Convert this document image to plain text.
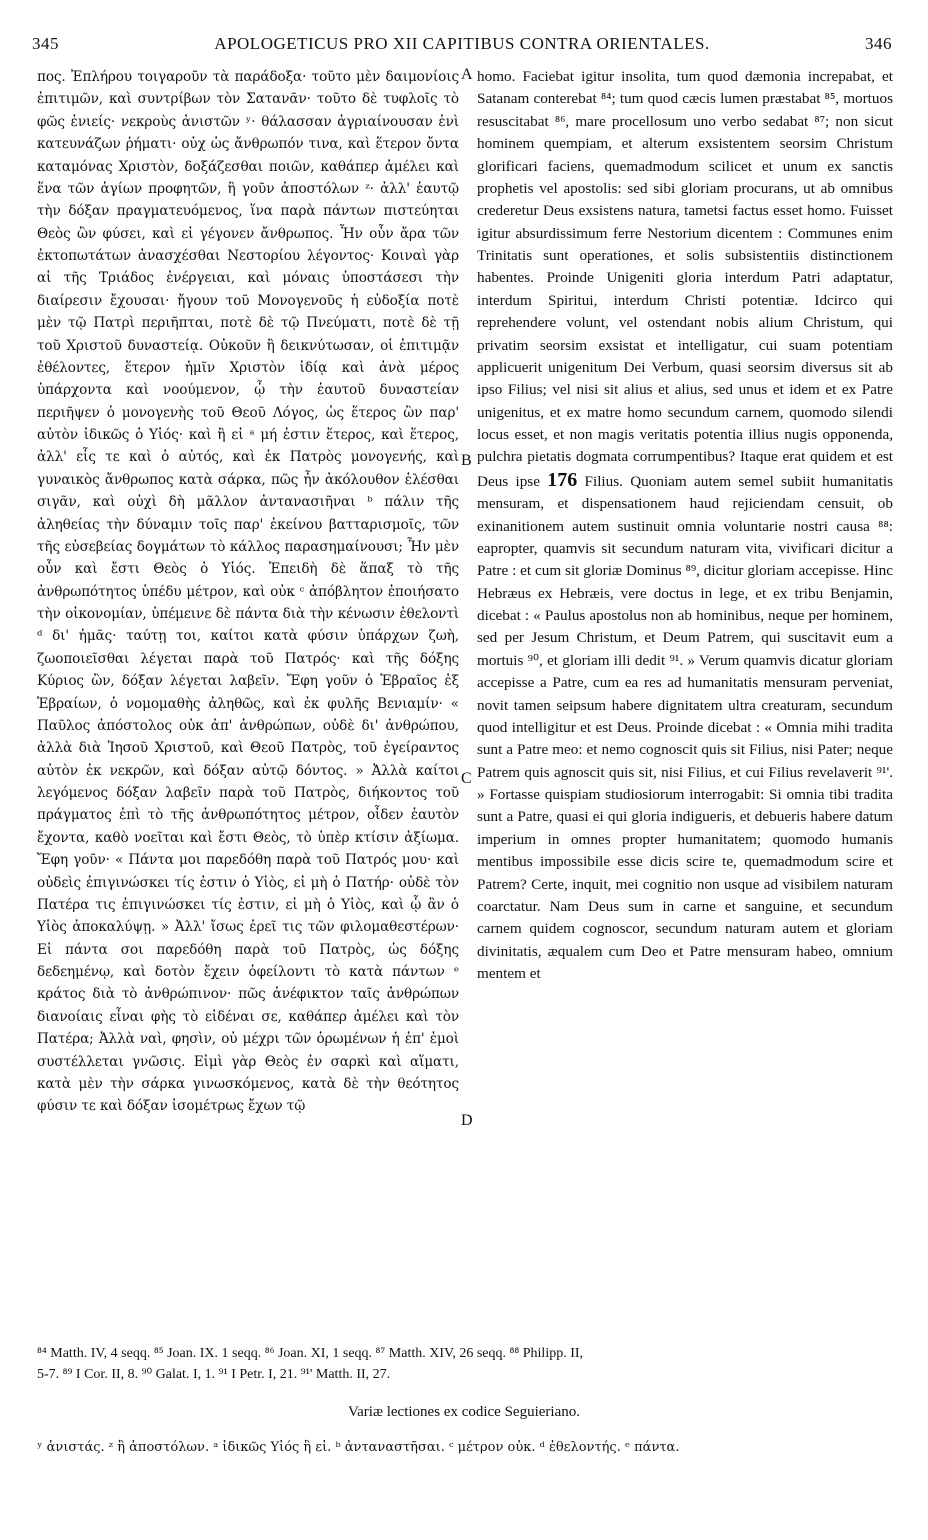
345	APOLOGETICUS PRO XII CAPITIBUS CONTRA ORIENTALES.	346

πος. Ἐπλήρου τοιγαροῦν τὰ παράδοξα· τοῦτο μὲν δαιμονίοις ἐπιτιμῶν, καὶ συντρίβων τὸν Σατανᾶν· τοῦτο δὲ τυφλοῖς τὸ φῶς ἐνιείς· νεκροὺς ἀνιστῶν ʸ· θάλασσαν ἀγριαίνουσαν ἑνὶ κατευνάζων ῥήματι· οὐχ ὡς ἄνθρωπόν τινα, καὶ ἕτερον ὄντα καταμόνας Χριστὸν, δοξάζεσθαι ποιῶν, καθάπερ ἀμέλει καὶ ἕνα τῶν ἁγίων προφητῶν, ἢ γοῦν ἀποστόλων ᶻ· ἀλλ' ἑαυτῷ τὴν δόξαν πραγματευόμενος, ἵνα παρὰ πάντων πιστεύηται Θεὸς ὢν φύσει, καὶ εἰ γέγονεν ἄνθρωπος. Ἦν οὖν ἄρα τῶν ἐκτοπωτάτων ἀνασχέσθαι Νεστορίου λέγοντος· Κοιναὶ γὰρ αἱ τῆς Τριάδος ἐνέργειαι, καὶ μόναις ὑποστάσεσι τὴν διαίρεσιν ἔχουσαι· ἤγουν τοῦ Μονογενοῦς ἡ εὐδοξία ποτὲ μὲν τῷ Πατρὶ περιῆπται, ποτὲ δὲ τῷ Πνεύματι, ποτὲ δὲ τῇ τοῦ Χριστοῦ δυναστείᾳ. Οὐκοῦν ἢ δεικνύτωσαν, οἱ ἐπιτιμᾷν ἐθέλοντες, ἕτερον ἡμῖν Χριστὸν ἰδίᾳ καὶ ἀνὰ μέρος ὑπάρχοντα καὶ νοούμενον, ᾧ τὴν ἑαυτοῦ δυναστείαν περιῆψεν ὁ μονογενὴς τοῦ Θεοῦ Λόγος, ὡς ἕτερος ὢν παρ' αὐτὸν ἰδικῶς ὁ Υἱός· καὶ ἢ εἰ ᵃ μή ἐστιν ἕτερος, καὶ ἕτερος, ἀλλ' εἷς τε καὶ ὁ αὐτός, καὶ ἐκ Πατρὸς μονογενής, καὶ γυναικὸς ἄνθρωπος κατὰ σάρκα, πῶς ἦν ἀκόλουθον ἑλέσθαι σιγᾶν, καὶ οὐχὶ δὴ μᾶλλον ἀντανασιῆναι ᵇ πάλιν τῆς ἀληθείας τὴν δύναμιν τοῖς παρ' ἐκείνου βατταρισμοῖς, τῶν τῆς εὐσεβείας δογμάτων τὸ κάλλος παρασημαίνουσι; Ἦν μὲν οὖν καὶ ἔστι Θεὸς ὁ Υἱός. Ἐπειδὴ δὲ ἅπαξ τὸ τῆς ἀνθρωπότητος ὑπέδυ μέτρον, καὶ οὐκ ᶜ ἀπόβλητον ἐποιήσατο τὴν οἰκονομίαν, ὑπέμεινε δὲ πάντα διὰ τὴν κένωσιν ἐθελοντὶ ᵈ δι' ἡμᾶς· ταύτῃ τοι, καίτοι κατὰ φύσιν ὑπάρχων ζωὴ, ζωοποιεῖσθαι λέγεται παρὰ τοῦ Πατρός· καὶ τῆς δόξης Κύριος ὢν, δόξαν λέγεται λαβεῖν. Ἔφη γοῦν ὁ Ἑβραῖος ἐξ Ἑβραίων, ὁ νομομαθὴς ἀληθῶς, καὶ ἐκ φυλῆς Βενιαμίν· « Παῦλος ἀπόστολος οὐκ ἀπ' ἀνθρώπων, οὐδὲ δι' ἀνθρώπου, ἀλλὰ διὰ Ἰησοῦ Χριστοῦ, καὶ Θεοῦ Πατρὸς, τοῦ ἐγείραντος αὐτὸν ἐκ νεκρῶν, καὶ δόξαν αὐτῷ δόντος. » Ἀλλὰ καίτοι λεγόμενος δόξαν λαβεῖν παρὰ τοῦ Πατρὸς, διήκοντος τοῦ πράγματος ἐπὶ τὸ τῆς ἀνθρωπότητος μέτρον, οἶδεν ἑαυτὸν ἔχοντα, καθὸ νοεῖται καὶ ἔστι Θεὸς, τὸ ὑπὲρ κτίσιν ἀξίωμα. Ἔφη γοῦν· « Πάντα μοι παρεδόθη παρὰ τοῦ Πατρός μου· καὶ οὐδεὶς ἐπιγινώσκει τίς ἐστιν ὁ Υἱὸς, εἰ μὴ ὁ Πατήρ· οὐδὲ τὸν Πατέρα τις ἐπιγινώσκει τίς ἐστιν, εἰ μὴ ὁ Υἱὸς, καὶ ᾧ ἂν ὁ Υἱὸς ἀποκαλύψῃ. » Ἀλλ' ἴσως ἐρεῖ τις τῶν φιλομαθεστέρων· Εἰ πάντα σοι παρεδόθη παρὰ τοῦ Πατρὸς, ὡς δόξης δεδεημένῳ, καὶ δοτὸν ἔχειν ὀφείλοντι τὸ κατὰ πάντων ᵉ κράτος διὰ τὸ ἀνθρώπινον· πῶς ἀνέφικτον ταῖς ἀνθρώπων διανοίαις εἶναι φὴς τὸ εἰδέναι σε, καθάπερ ἀμέλει καὶ τὸν Πατέρα; Ἀλλὰ ναὶ, φησὶν, οὐ μέχρι τῶν ὁρωμένων ἡ ἐπ' ἐμοὶ συστέλλεται γνῶσις. Εἰμὶ γὰρ Θεὸς ἐν σαρκὶ καὶ αἵματι, κατὰ μὲν τὴν σάρκα γινωσκόμενος, κατὰ δὲ τὴν θεότητος φύσιν τε καὶ δόξαν ἰσομέτρως ἔχων τῷ

A
B
C
D

homo. Faciebat igitur insolita, tum quod dæmonia increpabat, et Satanam conterebat ⁸⁴; tum quod cæcis lumen præstabat ⁸⁵, mortuos resuscitabat ⁸⁶, mare procellosum uno verbo sedabat ⁸⁷; non sicut hominem quempiam, et alterum exsistentem seorsim Christum glorificari faciens, quemadmodum scilicet et unum ex sanctis prophetis vel apostolis: sed sibi gloriam procurans, ut ab omnibus crederetur Deus exsistens natura, tametsi factus esset homo. Fuisset igitur absurdissimum ferre Nestorium dicentem : Communes enim Trinitatis sunt operationes, et solis subsistentiis distinctionem habentes. Proinde Unigeniti gloria interdum Patri adaptatur, interdum Spiritui, interdum Christi potentiæ. Idcirco qui reprehendere volunt, vel ostendant nobis alium Christum, qui privatim seorsim exsistat et intelligatur, cui suam potentiam applicuerit unigenitum Dei Verbum, quasi seorsim diversus sit ab ipso Filius; vel nisi sit alius et alius, sed unus et idem et ex Patre unigenitus, et ex matre homo secundum carnem, quomodo silendi locus esset, et non magis veritatis potentia illius nugis opponenda, pulchra pietatis dogmata corrumpentibus? Itaque erat quidem et est Deus ipse 176 Filius. Quoniam autem semel subiit humanitatis mensuram, et dispensationem haud rejiciendam censuit, ob exinanitionem autem sustinuit omnia voluntarie nostri causa ⁸⁸: eapropter, quamvis sit secundum naturam vita, vivificari dicitur a Patre : et cum sit gloriæ Dominus ⁸⁹, dicitur gloriam accepisse. Hinc Hebræus ex Hebræis, vere doctus in lege, et ex tribu Benjamin, dicebat : « Paulus apostolus non ab hominibus, neque per hominem, sed per Jesum Christum, et Deum Patrem, qui suscitavit eum a mortuis ⁹⁰, et gloriam illi dedit ⁹¹. » Verum quamvis dicatur gloriam accepisse a Patre, cum ea res ad humanitatis mensuram perveniat, novit tamen seipsum habere dignitatem ultra creaturam, secundum quod intelligitur et est Deus. Proinde dicebat : « Omnia mihi tradita sunt a Patre meo: et nemo cognoscit quis sit Filius, nisi Pater; neque Patrem quis agnoscit quis sit, nisi Filius, et cui Filius revelaverit ⁹¹'. » Fortasse quispiam studiosiorum interrogabit: Si omnia tibi tradita sunt a Patre, quasi ei qui gloria indigueris, et debueris habere datum imperium in omnes propter humanitatem; quomodo humanis mentibus impossibile esse dicis scire te, quemadmodum scire et Patrem? Certe, inquit, mei cognitio non usque ad visibilem naturam coarctatur. Nam Deus sum in carne et sanguine, et secundum carnem quidem cognoscor, secundum naturam autem et gloriam divinitatis, æqualem cum Deo et Patre mensuram habeo, omnium mentem et

⁸⁴ Matth. IV, 4 seqq. ⁸⁵ Joan. IX. 1 seqq. ⁸⁶ Joan. XI, 1 seqq. ⁸⁷ Matth. XIV, 26 seqq. ⁸⁸ Philipp. II,

5-7. ⁸⁹ I Cor. II, 8. ⁹⁰ Galat. I, 1. ⁹¹ I Petr. I, 21. ⁹¹' Matth. II, 27.

Variæ lectiones ex codice Seguieriano.
ʸ ἀνιστάς. ᶻ ἢ ἀποστόλων. ᵃ ἰδικῶς Υἱός ἢ εἰ. ᵇ ἀνταναστῆσαι. ᶜ μέτρον οὐκ. ᵈ ἐθελοντής. ᵉ πάντα.
